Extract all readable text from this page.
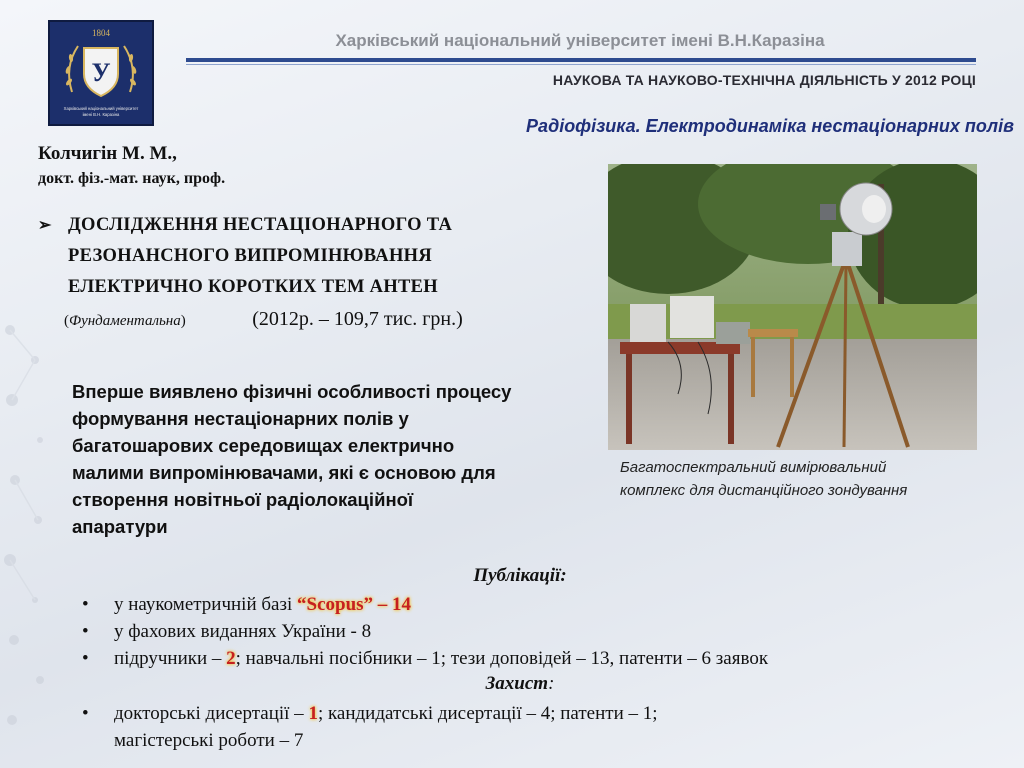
1804
У
Харківський національний університет
імені В.Н. Каразіна
Харківський національний університет імені В.Н.Каразіна
НАУКОВА ТА НАУКОВО-ТЕХНІЧНА ДІЯЛЬНІСТЬ У 2012 РОЦІ
Радіофізика. Електродинаміка нестаціонарних полів
Колчигін М. М.,
докт. фіз.-мат. наук, проф.
➢ ДОСЛІДЖЕННЯ НЕСТАЦІОНАРНОГО ТА
РЕЗОНАНСНОГО ВИПРОМІНЮВАННЯ
ЕЛЕКТРИЧНО КОРОТКИХ ТЕМ АНТЕН
(Фундаментальна)	(2012р. – 109,7 тис. грн.)
Вперше виявлено фізичні особливості процесу
формування нестаціонарних полів у
багатошарових середовищах електрично
малими випромінювачами, які є основою для
створення новітньої радіолокаційної
апаратури
Багатоспектральний вимірювальний
комплекс для дистанційного зондування
Публікації:
• у наукометричній базі “Scopus” – 14
• у фахових виданнях України - 8
• підручники – 2; навчальні посібники – 1; тези доповідей – 13, патенти – 6 заявок
Захист:
• докторські дисертації – 1; кандидатські дисертації – 4; патенти – 1;
магістерські роботи – 7
